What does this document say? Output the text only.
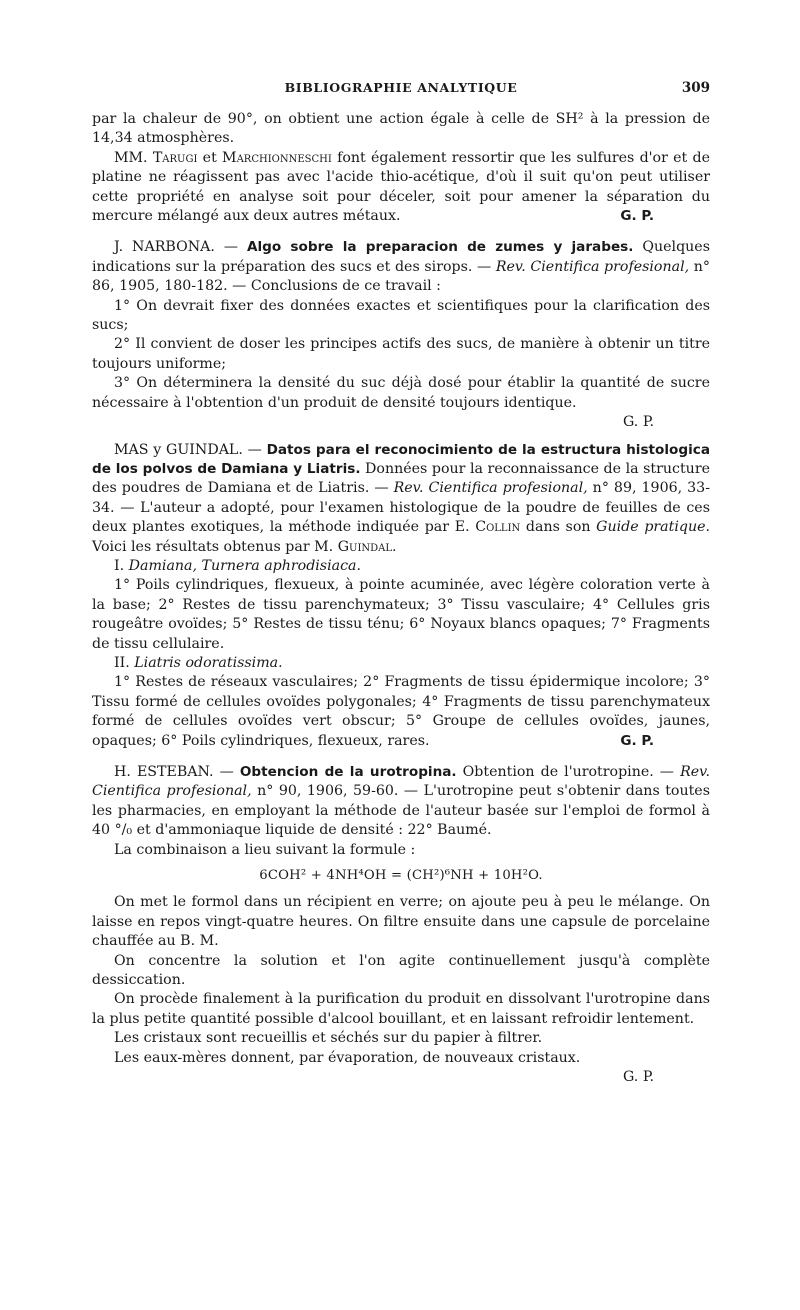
BIBLIOGRAPHIE ANALYTIQUE	309

par la chaleur de 90°, on obtient une action égale à celle de SH² à la pression de 14,34 atmosphères.

MM. Tarugi et Marchionneschi font également ressortir que les sulfures d'or et de platine ne réagissent pas avec l'acide thio-acétique, d'où il suit qu'on peut utiliser cette propriété en analyse soit pour déceler, soit pour amener la séparation du mercure mélangé aux deux autres métaux.	G. P.

J. NARBONA. — Algo sobre la preparacion de zumes y jarabes. Quelques indications sur la préparation des sucs et des sirops. — Rev. Cientifica profesional, n° 86, 1905, 180-182. — Conclusions de ce travail :

1° On devrait fixer des données exactes et scientifiques pour la clarification des sucs;

2° Il convient de doser les principes actifs des sucs, de manière à obtenir un titre toujours uniforme;

3° On déterminera la densité du suc déjà dosé pour établir la quantité de sucre nécessaire à l'obtention d'un produit de densité toujours identique.

G. P.

MAS y GUINDAL. — Datos para el reconocimiento de la estructura histologica de los polvos de Damiana y Liatris. Données pour la reconnaissance de la structure des poudres de Damiana et de Liatris. — Rev. Cientifica profesional, n° 89, 1906, 33-34. — L'auteur a adopté, pour l'examen histologique de la poudre de feuilles de ces deux plantes exotiques, la méthode indiquée par E. Collin dans son Guide pratique. Voici les résultats obtenus par M. Guindal.

I. Damiana, Turnera aphrodisiaca.

1° Poils cylindriques, flexueux, à pointe acuminée, avec légère coloration verte à la base; 2° Restes de tissu parenchymateux; 3° Tissu vasculaire; 4° Cellules gris rougeâtre ovoïdes; 5° Restes de tissu ténu; 6° Noyaux blancs opaques; 7° Fragments de tissu cellulaire.

II. Liatris odoratissima.

1° Restes de réseaux vasculaires; 2° Fragments de tissu épidermique incolore; 3° Tissu formé de cellules ovoïdes polygonales; 4° Fragments de tissu parenchymateux formé de cellules ovoïdes vert obscur; 5° Groupe de cellules ovoïdes, jaunes, opaques; 6° Poils cylindriques, flexueux, rares.	G. P.

H. ESTEBAN. — Obtencion de la urotropina. Obtention de l'urotropine. — Rev. Cientifica profesional, n° 90, 1906, 59-60. — L'urotropine peut s'obtenir dans toutes les pharmacies, en employant la méthode de l'auteur basée sur l'emploi de formol à 40 °/₀ et d'ammoniaque liquide de densité : 22° Baumé.

La combinaison a lieu suivant la formule :

6COH² + 4NH⁴OH = (CH²)⁶NH + 10H²O.

On met le formol dans un récipient en verre; on ajoute peu à peu le mélange. On laisse en repos vingt-quatre heures. On filtre ensuite dans une capsule de porcelaine chauffée au B. M.

On concentre la solution et l'on agite continuellement jusqu'à complète dessiccation.

On procède finalement à la purification du produit en dissolvant l'urotropine dans la plus petite quantité possible d'alcool bouillant, et en laissant refroidir lentement.

Les cristaux sont recueillis et séchés sur du papier à filtrer.

Les eaux-mères donnent, par évaporation, de nouveaux cristaux.

G. P.
